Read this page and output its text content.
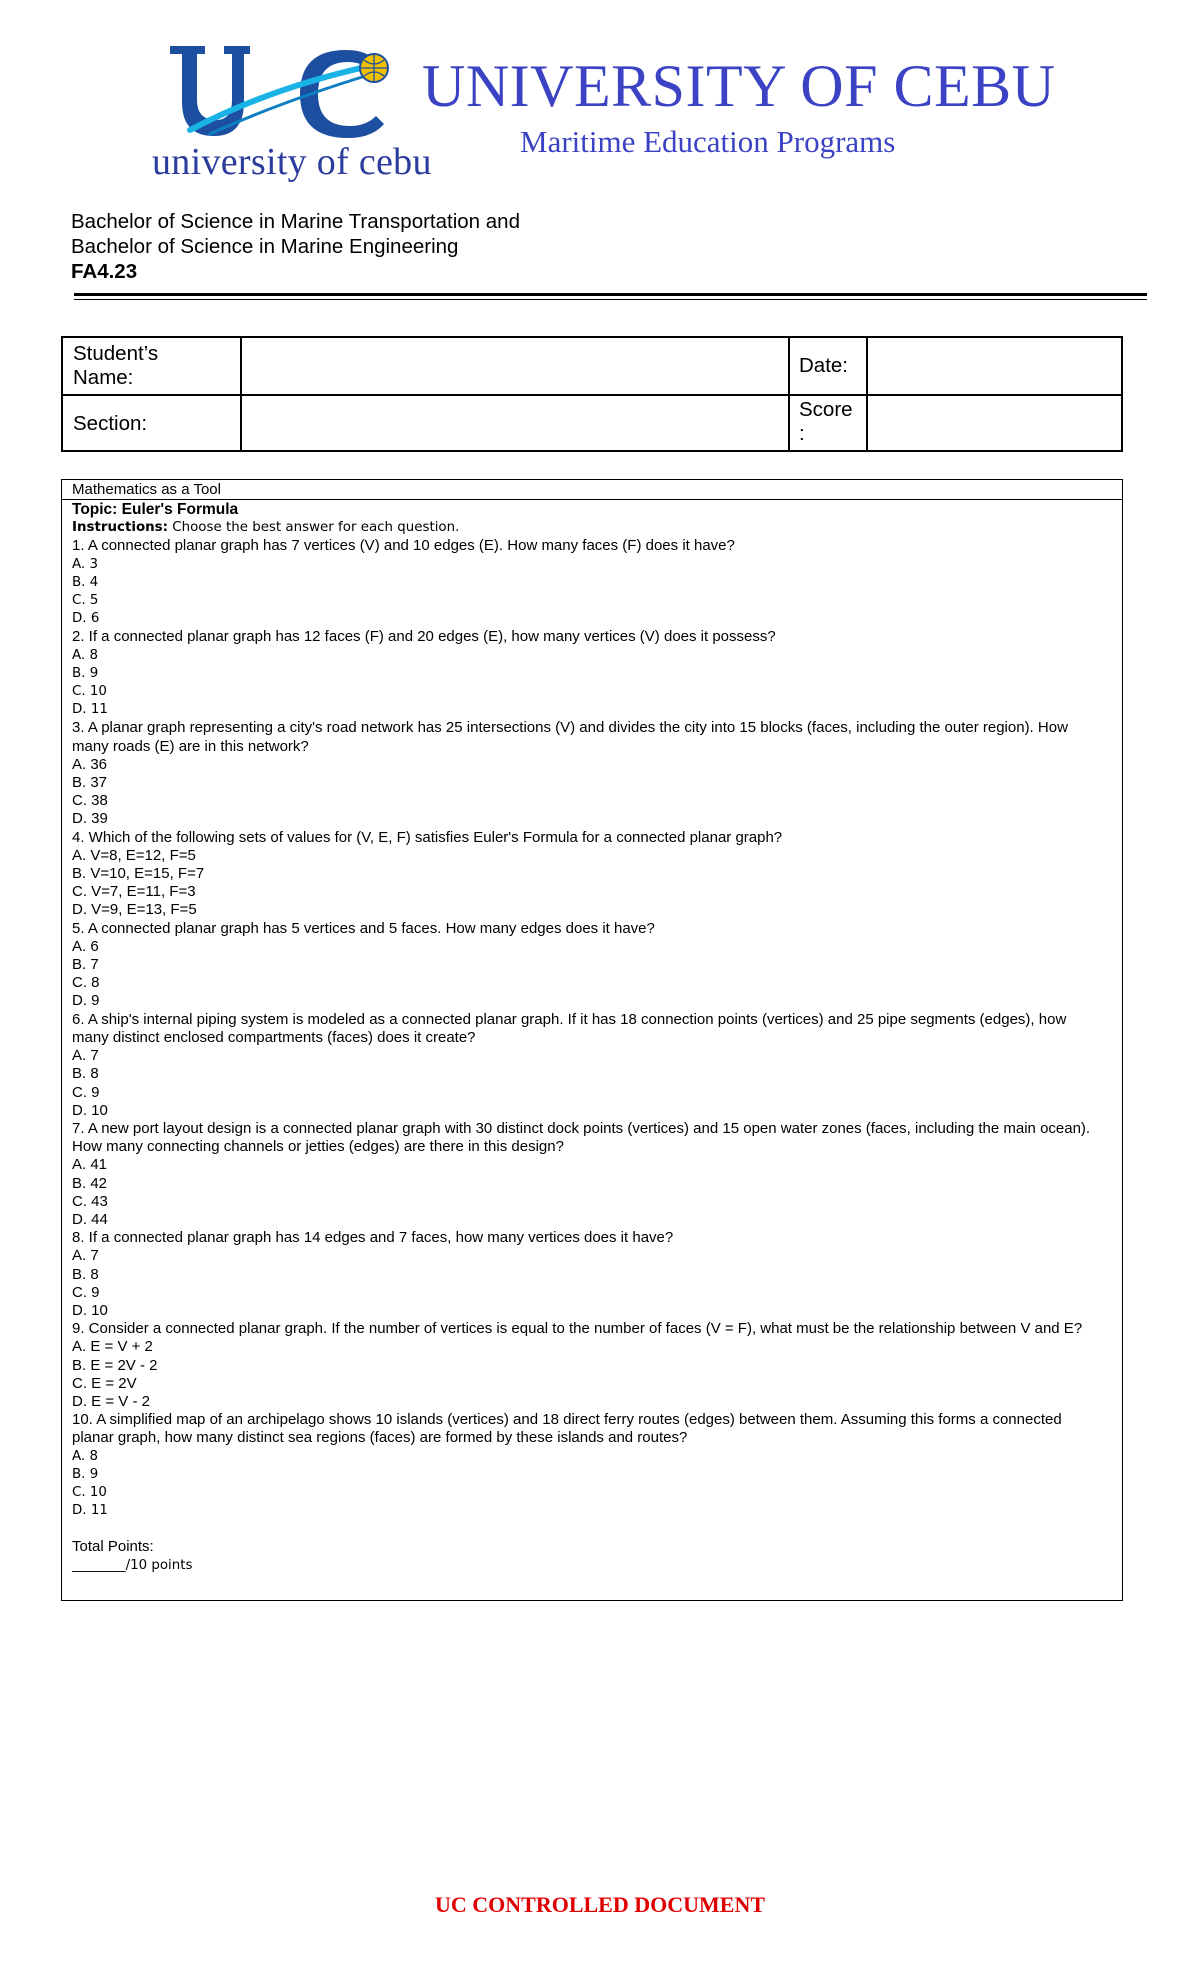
university of cebu
UNIVERSITY OF CEBU
Maritime Education Programs
Bachelor of Science in Marine Transportation and
Bachelor of Science in Marine Engineering
FA4.23
Student’s
Name:
Date:
Section:
Score
:
Mathematics as a Tool
Topic: Euler's Formula
Instructions: Choose the best answer for each question.
1. A connected planar graph has 7 vertices (V) and 10 edges (E). How many faces (F) does it have?
A. 3
B. 4
C. 5
D. 6
2. If a connected planar graph has 12 faces (F) and 20 edges (E), how many vertices (V) does it possess?
A. 8
B. 9
C. 10
D. 11
3. A planar graph representing a city's road network has 25 intersections (V) and divides the city into 15 blocks (faces, including the outer region). How many roads (E) are in this network?
A. 36
B. 37
C. 38
D. 39
4. Which of the following sets of values for (V, E, F) satisfies Euler's Formula for a connected planar graph?
A. V=8, E=12, F=5
B. V=10, E=15, F=7
C. V=7, E=11, F=3
D. V=9, E=13, F=5
5. A connected planar graph has 5 vertices and 5 faces. How many edges does it have?
A. 6
B. 7
C. 8
D. 9
6. A ship's internal piping system is modeled as a connected planar graph. If it has 18 connection points (vertices) and 25 pipe segments (edges), how many distinct enclosed compartments (faces) does it create?
A. 7
B. 8
C. 9
D. 10
7. A new port layout design is a connected planar graph with 30 distinct dock points (vertices) and 15 open water zones (faces, including the main ocean). How many connecting channels or jetties (edges) are there in this design?
A. 41
B. 42
C. 43
D. 44
8. If a connected planar graph has 14 edges and 7 faces, how many vertices does it have?
A. 7
B. 8
C. 9
D. 10
9. Consider a connected planar graph. If the number of vertices is equal to the number of faces (V = F), what must be the relationship between V and E?
A. E = V + 2
B. E = 2V - 2
C. E = 2V
D. E = V - 2
10. A simplified map of an archipelago shows 10 islands (vertices) and 18 direct ferry routes (edges) between them. Assuming this forms a connected planar graph, how many distinct sea regions (faces) are formed by these islands and routes?
A. 8
B. 9
C. 10
D. 11
Total Points:
________/10 points
UC CONTROLLED DOCUMENT
